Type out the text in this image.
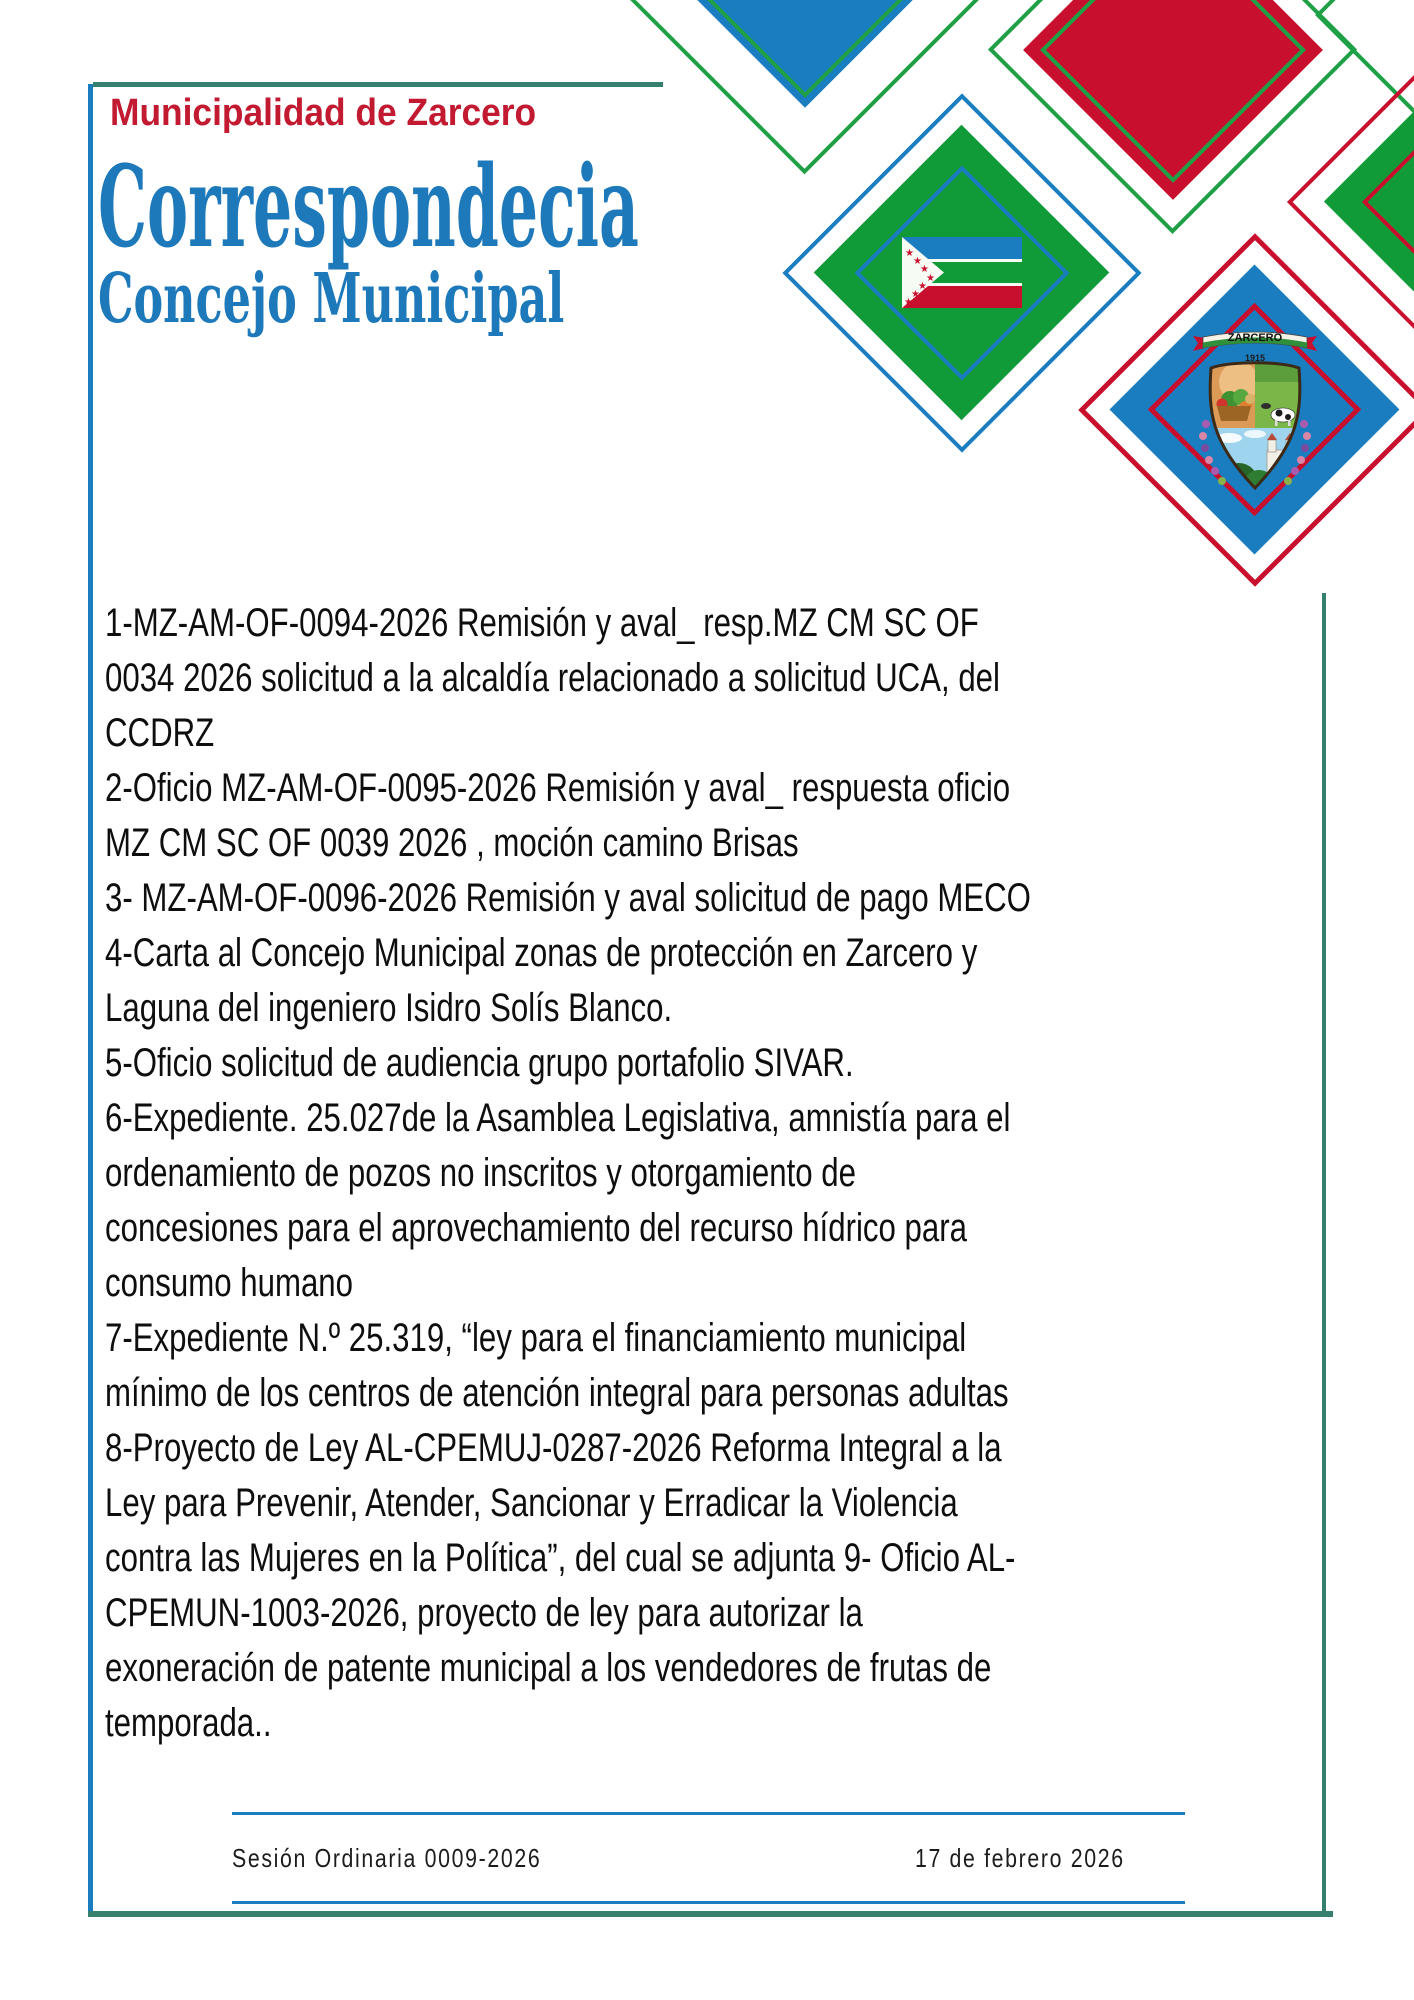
★
★
★
★
★
★
★
ZARCERO
1915
Municipalidad de Zarcero
Correspondecia
Concejo Municipal
1-MZ-AM-OF-0094-2026 Remisión y aval_ resp.MZ CM SC OF
0034 2026 solicitud a la alcaldía relacionado a solicitud UCA, del
CCDRZ
2-Oficio MZ-AM-OF-0095-2026 Remisión y aval_ respuesta oficio
MZ CM SC OF 0039 2026 , moción camino Brisas
3- MZ-AM-OF-0096-2026 Remisión y aval solicitud de pago MECO
4-Carta al Concejo Municipal zonas de protección en Zarcero y
Laguna del ingeniero Isidro Solís Blanco.
5-Oficio solicitud de audiencia grupo portafolio SIVAR.
6-Expediente. 25.027de la Asamblea Legislativa, amnistía para el
ordenamiento de pozos no inscritos y otorgamiento de
concesiones para el aprovechamiento del recurso hídrico para
consumo humano
7-Expediente N.º 25.319, “ley para el financiamiento municipal
mínimo de los centros de atención integral para personas adultas
8-Proyecto de Ley AL-CPEMUJ-0287-2026 Reforma Integral a la
Ley para Prevenir, Atender, Sancionar y Erradicar la Violencia
contra las Mujeres en la Política”, del cual se adjunta 9- Oficio AL-
CPEMUN-1003-2026, proyecto de ley para autorizar la
exoneración de patente municipal a los vendedores de frutas de
temporada..
Sesión Ordinaria 0009-2026	17 de febrero 2026
